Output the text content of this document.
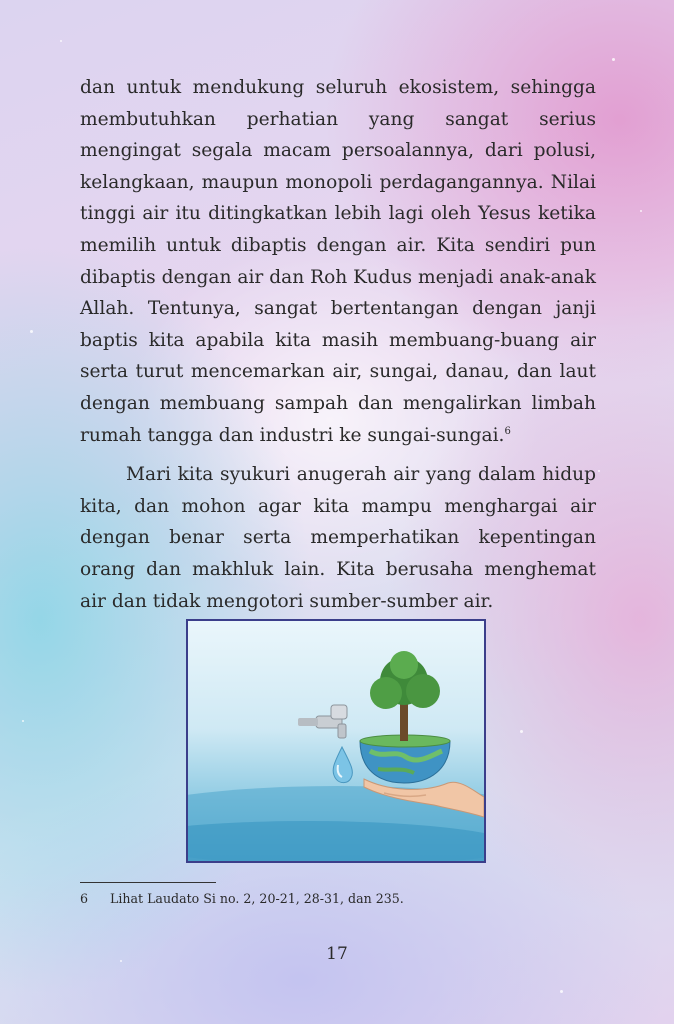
dan untuk mendukung seluruh ekosistem, sehingga membutuhkan perhatian yang sangat serius mengingat segala macam persoalannya, dari polusi, kelangkaan, maupun monopoli perdagangannya. Nilai tinggi air itu ditingkatkan lebih lagi oleh Yesus ketika memilih untuk dibaptis dengan air. Kita sendiri pun dibaptis dengan air dan Roh Kudus menjadi anak-anak Allah. Tentunya, sangat bertentangan dengan janji baptis kita apabila kita masih membuang-buang air serta turut mencemarkan air, sungai, danau, dan laut dengan membuang sampah dan mengalirkan limbah rumah tangga dan industri ke sungai-sungai.$^6$

Mari kita syukuri anugerah air yang dalam hidup kita, dan mohon agar kita mampu menghargai air dengan benar serta memperhatikan kepentingan orang dan makhluk lain. Kita berusaha menghemat air dan tidak mengotori sumber-sumber air.

6 Lihat Laudato Si no. 2, 20-21, 28-31, dan 235.
17
